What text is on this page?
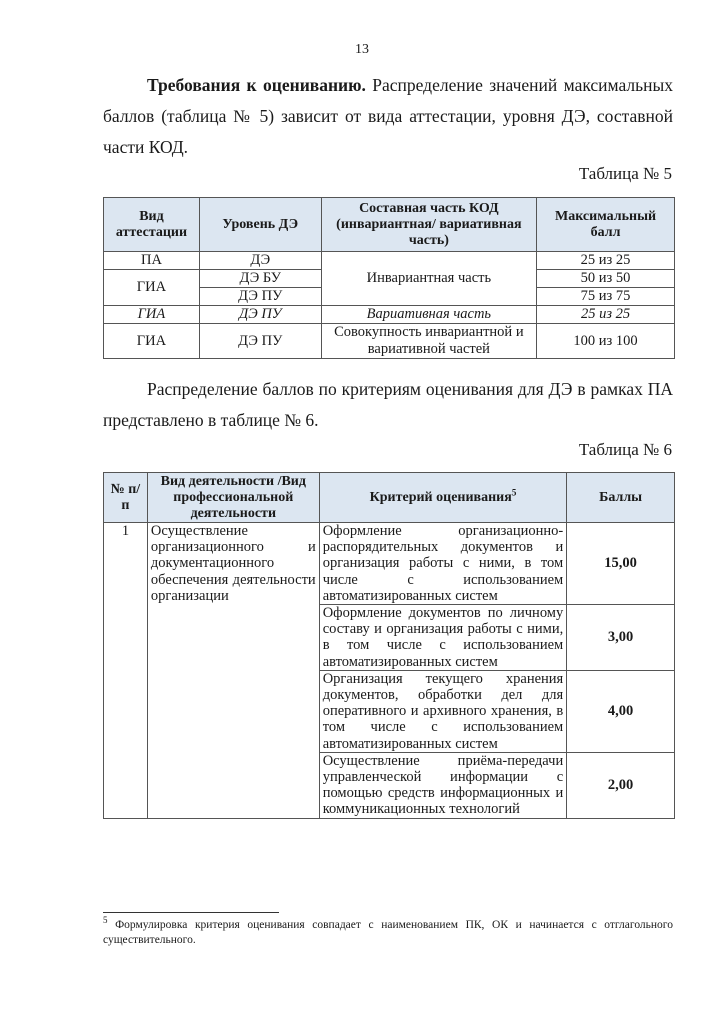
13
Требования к оцениванию. Распределение значений максимальных баллов (таблица № 5) зависит от вида аттестации, уровня ДЭ, составной части КОД.
Таблица № 5
Вид аттестации	Уровень ДЭ	Составная часть КОД (инвариантная/ вариативная часть)	Максимальный балл
ПА	ДЭ	Инвариантная часть	25 из 25
ГИА	ДЭ БУ		50 из 50
	ДЭ ПУ		75 из 75
ГИА	ДЭ ПУ	Вариативная часть	25 из 25
ГИА	ДЭ ПУ	Совокупность инвариантной и вариативной частей	100 из 100
Распределение баллов по критериям оценивания для ДЭ в рамках ПА представлено в таблице № 6.
Таблица № 6
№ п/п	Вид деятельности /Вид профессиональной деятельности	Критерий оценивания$^5$	Баллы
1	Осуществление организационного и документационного обеспечения деятельности организации	Оформление организационно-распорядительных документов и организация работы с ними, в том числе с использованием автоматизированных систем	15,00
		Оформление документов по личному составу и организация работы с ними, в том числе с использованием автоматизированных систем	3,00
		Организация текущего хранения документов, обработки дел для оперативного и архивного хранения, в том числе с использованием автоматизированных систем	4,00
		Осуществление приёма-передачи управленческой информации с помощью средств информационных и коммуникационных технологий	2,00
$^5$ Формулировка критерия оценивания совпадает с наименованием ПК, ОК и начинается с отглагольного существительного.
